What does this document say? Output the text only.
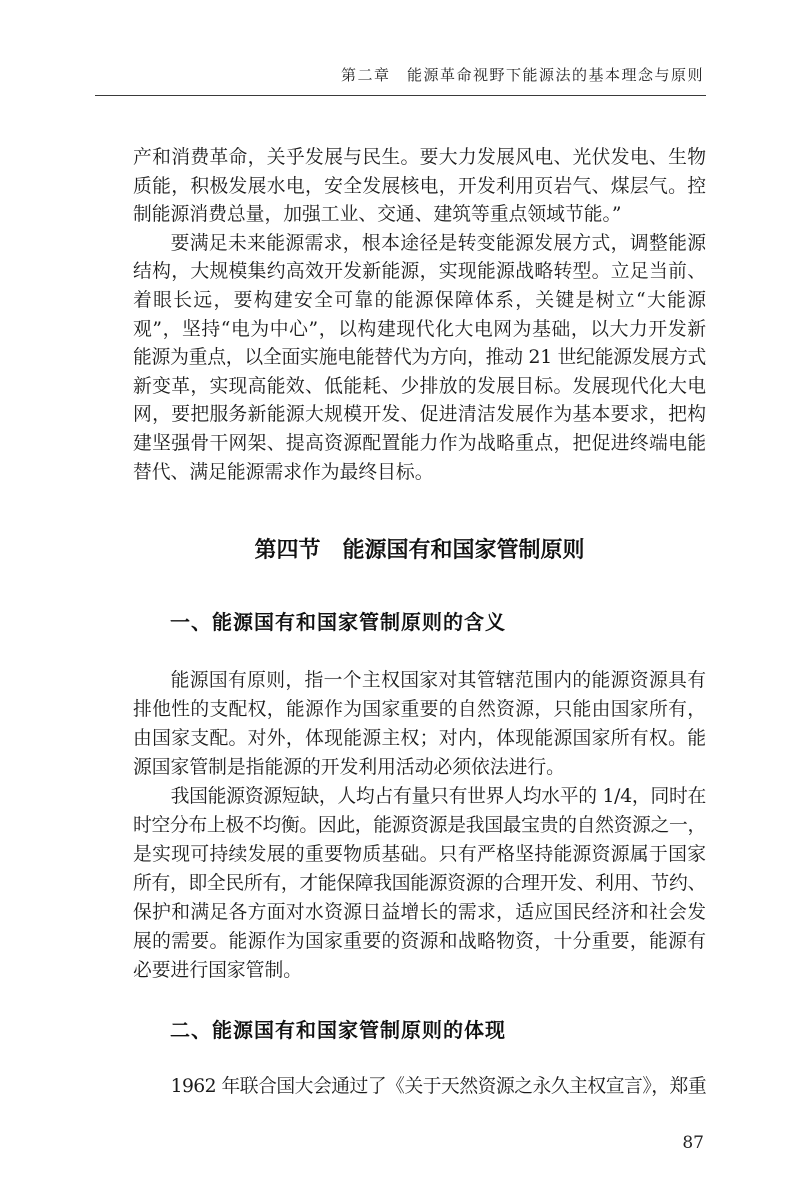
第二章　能源革命视野下能源法的基本理念与原则
产和消费革命，关乎发展与民生。要大力发展风电、光伏发电、生物
质能，积极发展水电，安全发展核电，开发利用页岩气、煤层气。控
制能源消费总量，加强工业、交通、建筑等重点领域节能。”
要满足未来能源需求，根本途径是转变能源发展方式，调整能源
结构，大规模集约高效开发新能源，实现能源战略转型。立足当前、
着眼长远，要构建安全可靠的能源保障体系，关键是树立“大能源
观”，坚持“电为中心”，以构建现代化大电网为基础，以大力开发新
能源为重点，以全面实施电能替代为方向，推动 21 世纪能源发展方式
新变革，实现高能效、低能耗、少排放的发展目标。发展现代化大电
网，要把服务新能源大规模开发、促进清洁发展作为基本要求，把构
建坚强骨干网架、提高资源配置能力作为战略重点，把促进终端电能
替代、满足能源需求作为最终目标。
第四节　能源国有和国家管制原则
一、能源国有和国家管制原则的含义
能源国有原则，指一个主权国家对其管辖范围内的能源资源具有
排他性的支配权，能源作为国家重要的自然资源，只能由国家所有，
由国家支配。对外，体现能源主权；对内，体现能源国家所有权。能
源国家管制是指能源的开发利用活动必须依法进行。
我国能源资源短缺，人均占有量只有世界人均水平的 1/4，同时在
时空分布上极不均衡。因此，能源资源是我国最宝贵的自然资源之一，
是实现可持续发展的重要物质基础。只有严格坚持能源资源属于国家
所有，即全民所有，才能保障我国能源资源的合理开发、利用、节约、
保护和满足各方面对水资源日益增长的需求，适应国民经济和社会发
展的需要。能源作为国家重要的资源和战略物资，十分重要，能源有
必要进行国家管制。
二、能源国有和国家管制原则的体现
1962 年联合国大会通过了《关于天然资源之永久主权宣言》，郑重
87
